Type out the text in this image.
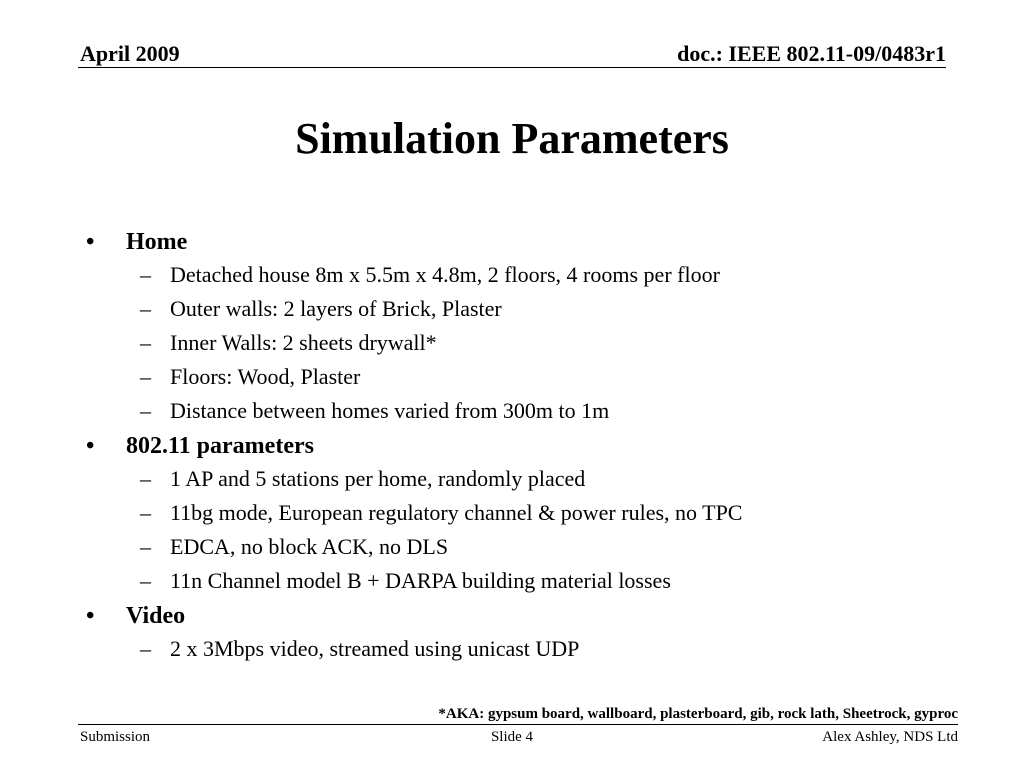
April 2009	doc.: IEEE 802.11-09/0483r1
Simulation Parameters
• Home
– Detached house 8m x 5.5m x 4.8m, 2 floors, 4 rooms per floor
– Outer walls: 2 layers of Brick, Plaster
– Inner Walls: 2 sheets drywall*
– Floors: Wood, Plaster
– Distance between homes varied from 300m to 1m
• 802.11 parameters
– 1 AP and 5 stations per home, randomly placed
– 11bg mode, European regulatory channel & power rules, no TPC
– EDCA, no block ACK, no DLS
– 11n Channel model B + DARPA building material losses
• Video
– 2 x 3Mbps video, streamed using unicast UDP
*AKA: gypsum board, wallboard, plasterboard, gib, rock lath, Sheetrock, gyproc
Submission	Slide 4	Alex Ashley, NDS Ltd
